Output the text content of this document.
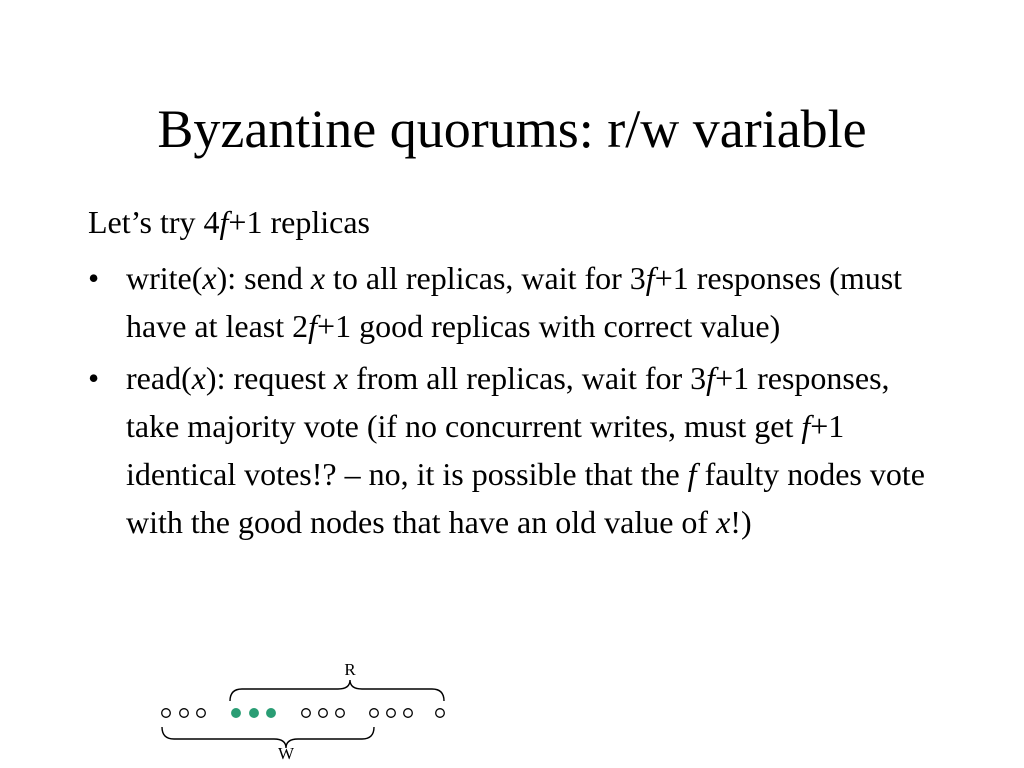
Byzantine quorums: r/w variable

Let’s try 4f+1 replicas

• write(x): send x to all replicas, wait for 3f+1 responses (must have at least 2f+1 good replicas with correct value)
• read(x): request x from all replicas, wait for 3f+1 responses, take majority vote (if no concurrent writes, must get f+1 identical votes!? – no, it is possible that the f faulty nodes vote with the good nodes that have an old value of x!)
R
W
